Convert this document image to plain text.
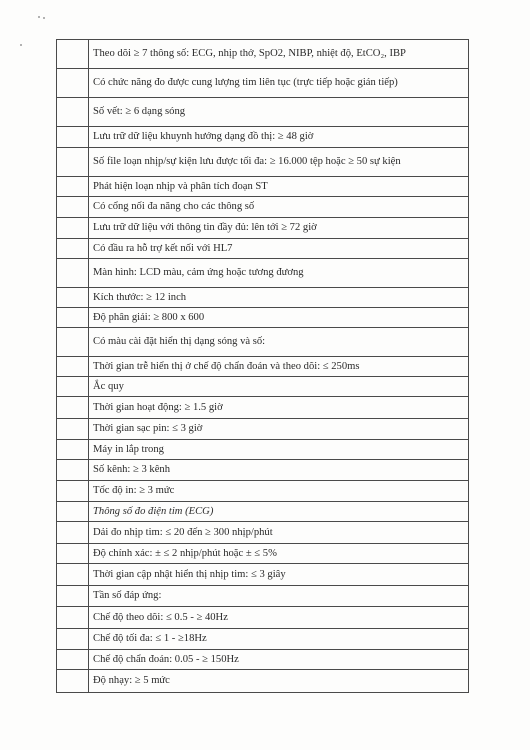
	Theo dõi ≥ 7 thông số: ECG, nhịp thở, SpO2, NIBP, nhiệt độ, EtCO₂, IBP
	Có chức năng đo được cung lượng tim liên tục (trực tiếp hoặc gián tiếp)
	Số vết: ≥ 6 dạng sóng
	Lưu trữ dữ liệu khuynh hướng dạng đồ thị: ≥ 48 giờ
	Số file loạn nhịp/sự kiện lưu được tối đa: ≥ 16.000 tệp hoặc ≥ 50 sự kiện
	Phát hiện loạn nhịp và phân tích đoạn ST
	Có cổng nối đa năng cho các thông số
	Lưu trữ dữ liệu với thông tin đầy đủ: lên tới ≥ 72 giờ
	Có đầu ra hỗ trợ kết nối với HL7
	Màn hình: LCD màu, cảm ứng hoặc tương đương
	Kích thước: ≥ 12 inch
	Độ phân giải: ≥ 800 x 600
	Có màu cài đặt hiển thị dạng sóng và số:
	Thời gian trễ hiển thị ở chế độ chẩn đoán và theo dõi: ≤ 250ms
	Ắc quy
	Thời gian hoạt động: ≥ 1.5 giờ
	Thời gian sạc pin: ≤ 3 giờ
	Máy in lắp trong
	Số kênh: ≥ 3 kênh
	Tốc độ in: ≥ 3 mức
	Thông số đo điện tim (ECG)
	Dải đo nhịp tim: ≤ 20 đến ≥ 300 nhịp/phút
	Độ chính xác: ± ≤ 2 nhịp/phút hoặc ± ≤ 5%
	Thời gian cập nhật hiển thị nhịp tim: ≤ 3 giây
	Tần số đáp ứng:
	Chế độ theo dõi: ≤ 0.5 - ≥ 40Hz
	Chế độ tối đa: ≤ 1 - ≥18Hz
	Chế độ chẩn đoán: 0.05 - ≥ 150Hz
	Độ nhạy: ≥ 5 mức
